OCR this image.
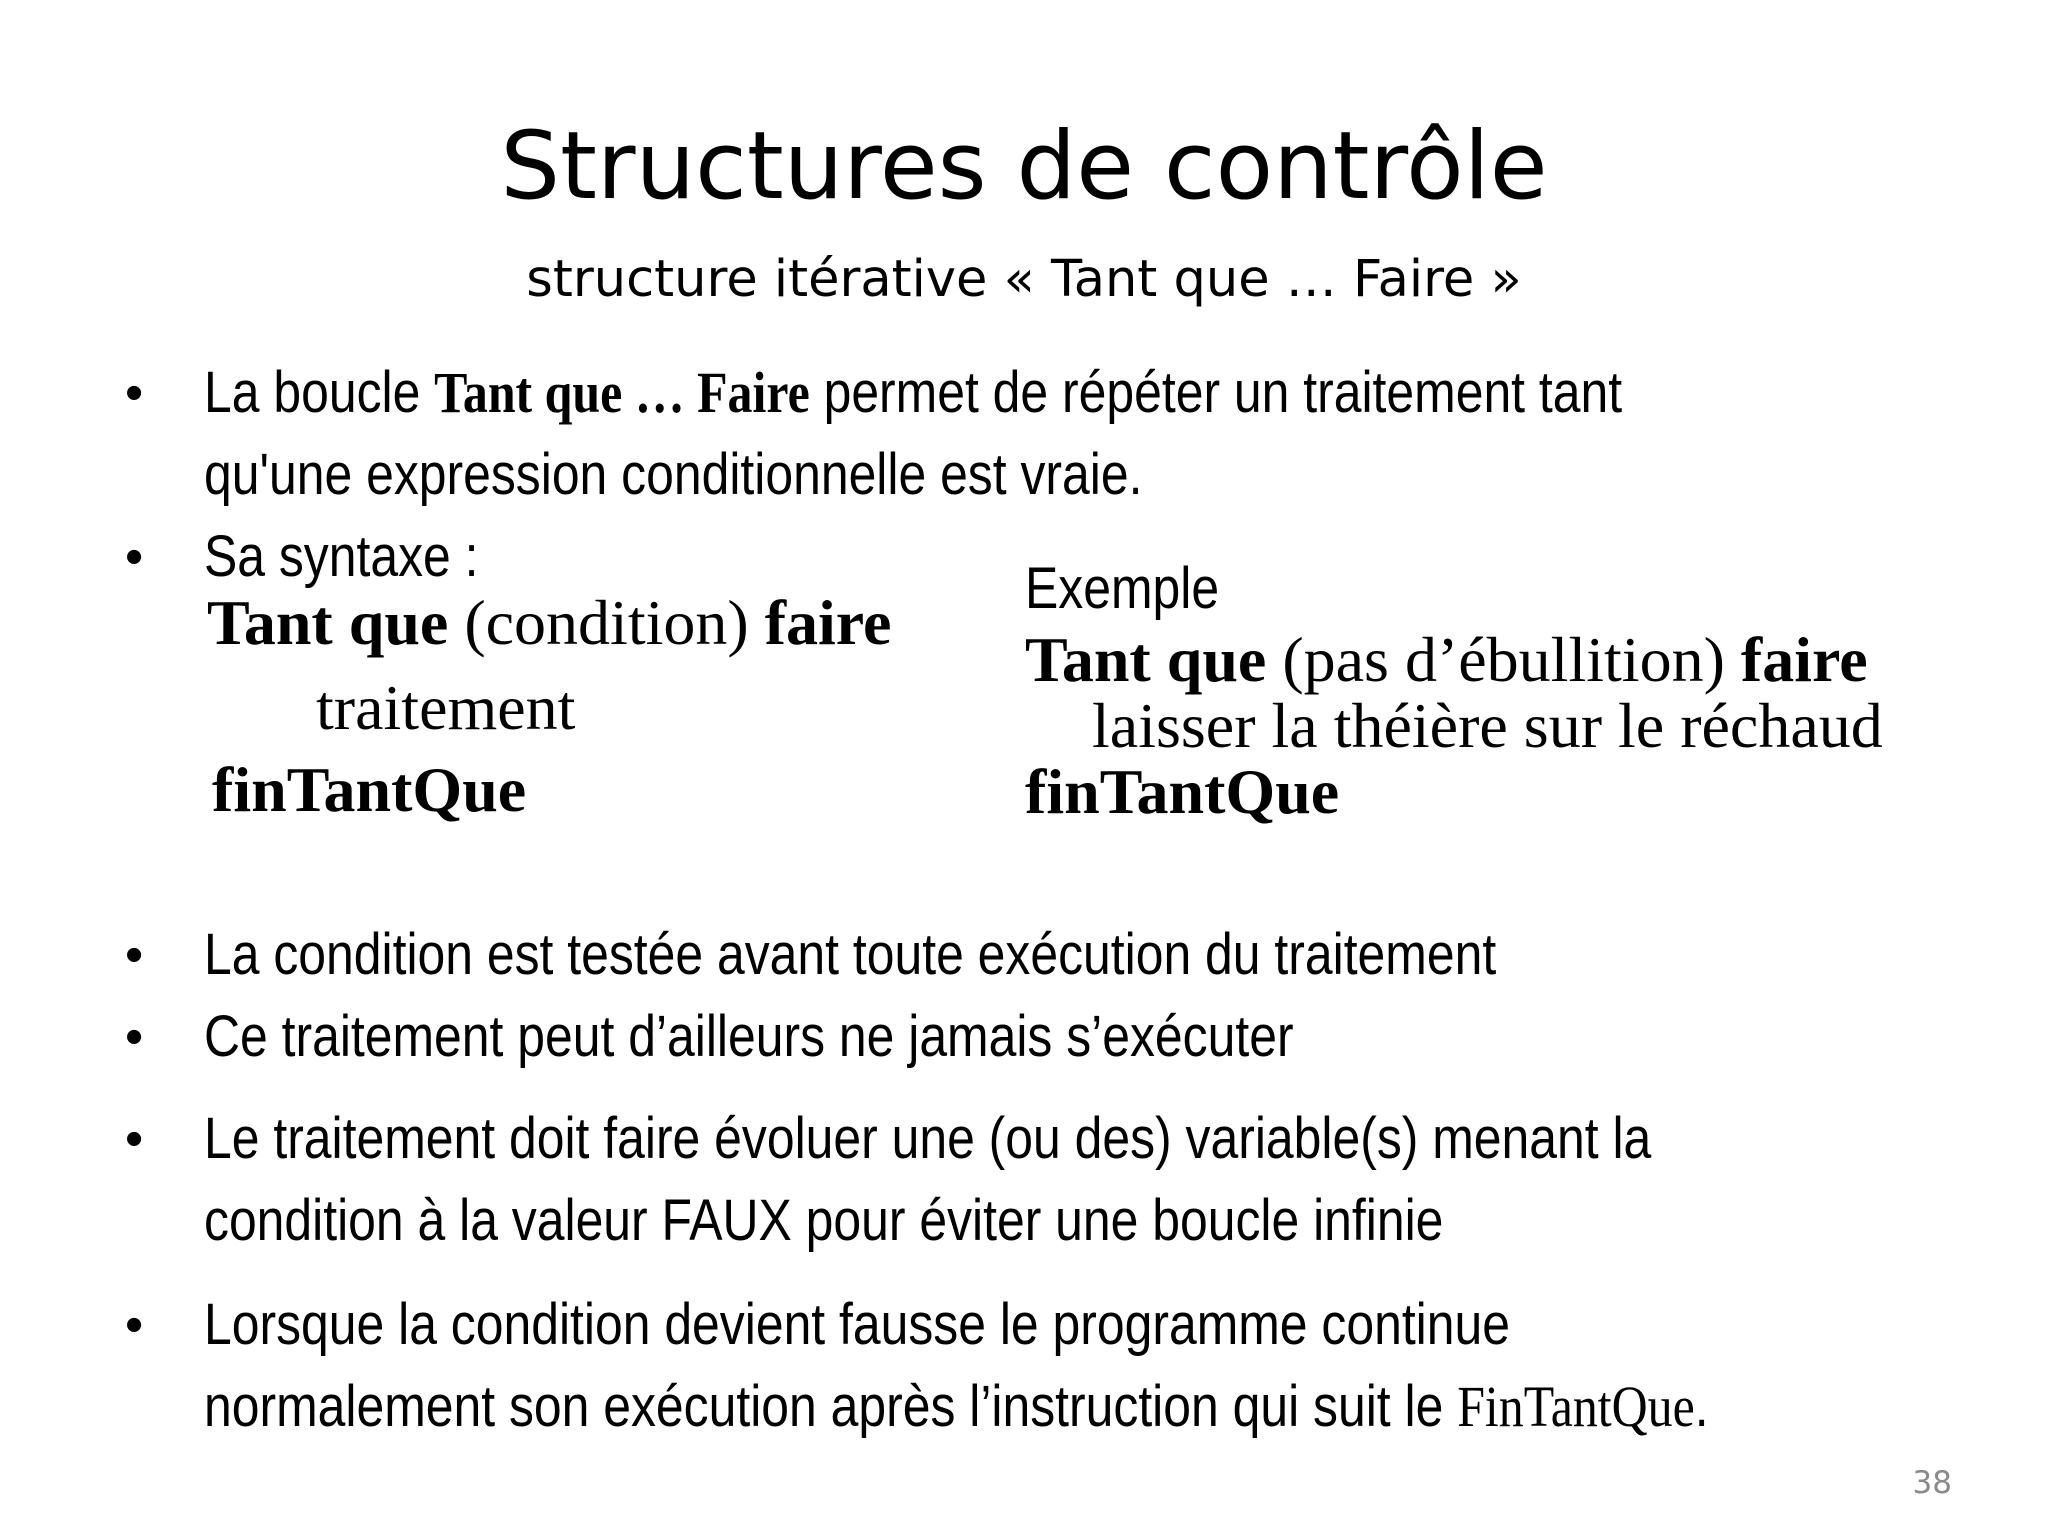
Structures de contrôle
structure itérative « Tant que … Faire »
• La boucle Tant que … Faire permet de répéter un traitement tant
qu'une expression conditionnelle est vraie.
• Sa syntaxe :
Tant que (condition) faire
traitement
finTantQue
Exemple
Tant que (pas d’ébullition) faire
laisser la théière sur le réchaud
finTantQue
• La condition est testée avant toute exécution du traitement
• Ce traitement peut d’ailleurs ne jamais s’exécuter
• Le traitement doit faire évoluer une (ou des) variable(s) menant la
condition à la valeur FAUX pour éviter une boucle infinie
• Lorsque la condition devient fausse le programme continue
normalement son exécution après l’instruction qui suit le FinTantQue.
38
